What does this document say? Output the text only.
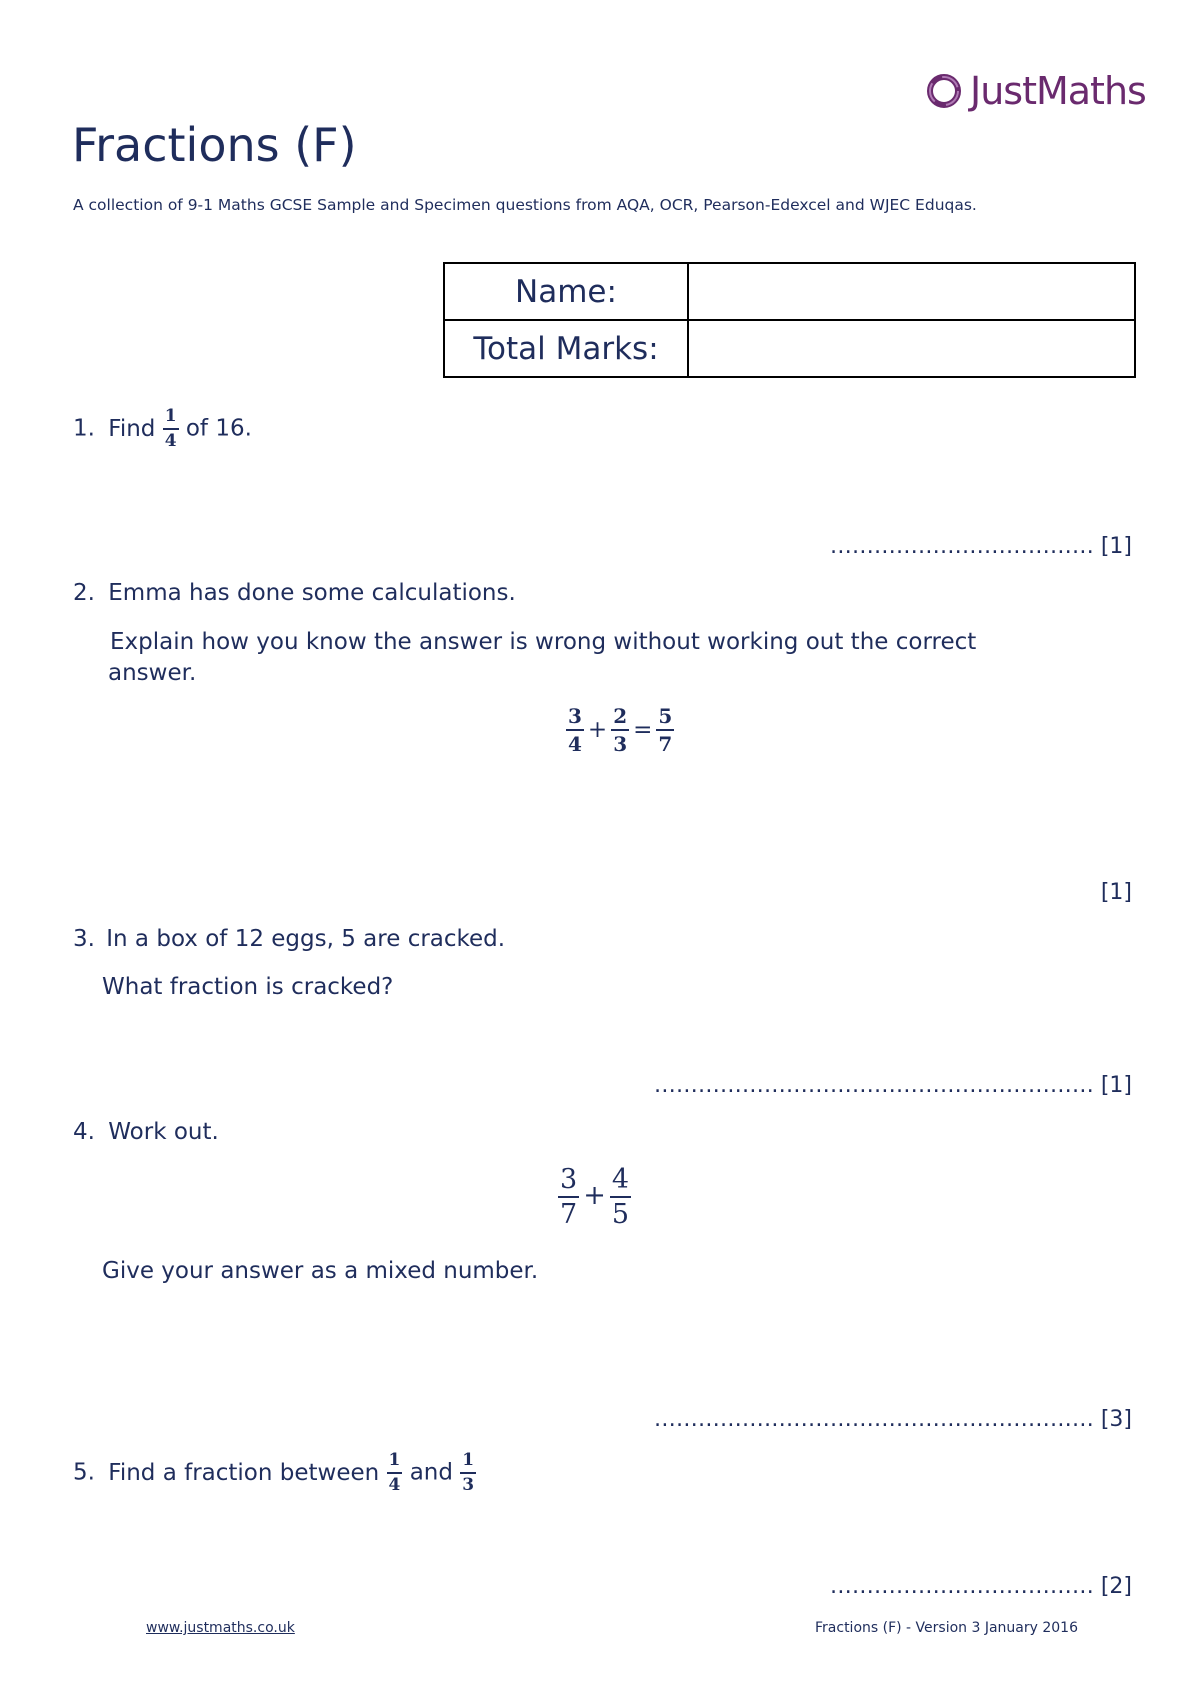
JustMaths
Fractions (F)
A collection of 9-1 Maths GCSE Sample and Specimen questions from AQA, OCR, Pearson-Edexcel and WJEC Eduqas.
Name:	
Total Marks:	
1. Find $\frac{1}{4}$ of 16.
……………………………… [1]
2. Emma has done some calculations.
Explain how you know the answer is wrong without working out the correct
answer.
$\frac{3}{4} + \frac{2}{3} = \frac{5}{7}$
[1]
3. In a box of 12 eggs, 5 are cracked.
What fraction is cracked?
…………………………………………………… [1]
4. Work out.
$\frac{3}{7} + \frac{4}{5}$
Give your answer as a mixed number.
…………………………………………………… [3]
5. Find a fraction between $\frac{1}{4}$ and $\frac{1}{3}$
……………………………… [2]
www.justmaths.co.uk	Fractions (F) - Version 3 January 2016
